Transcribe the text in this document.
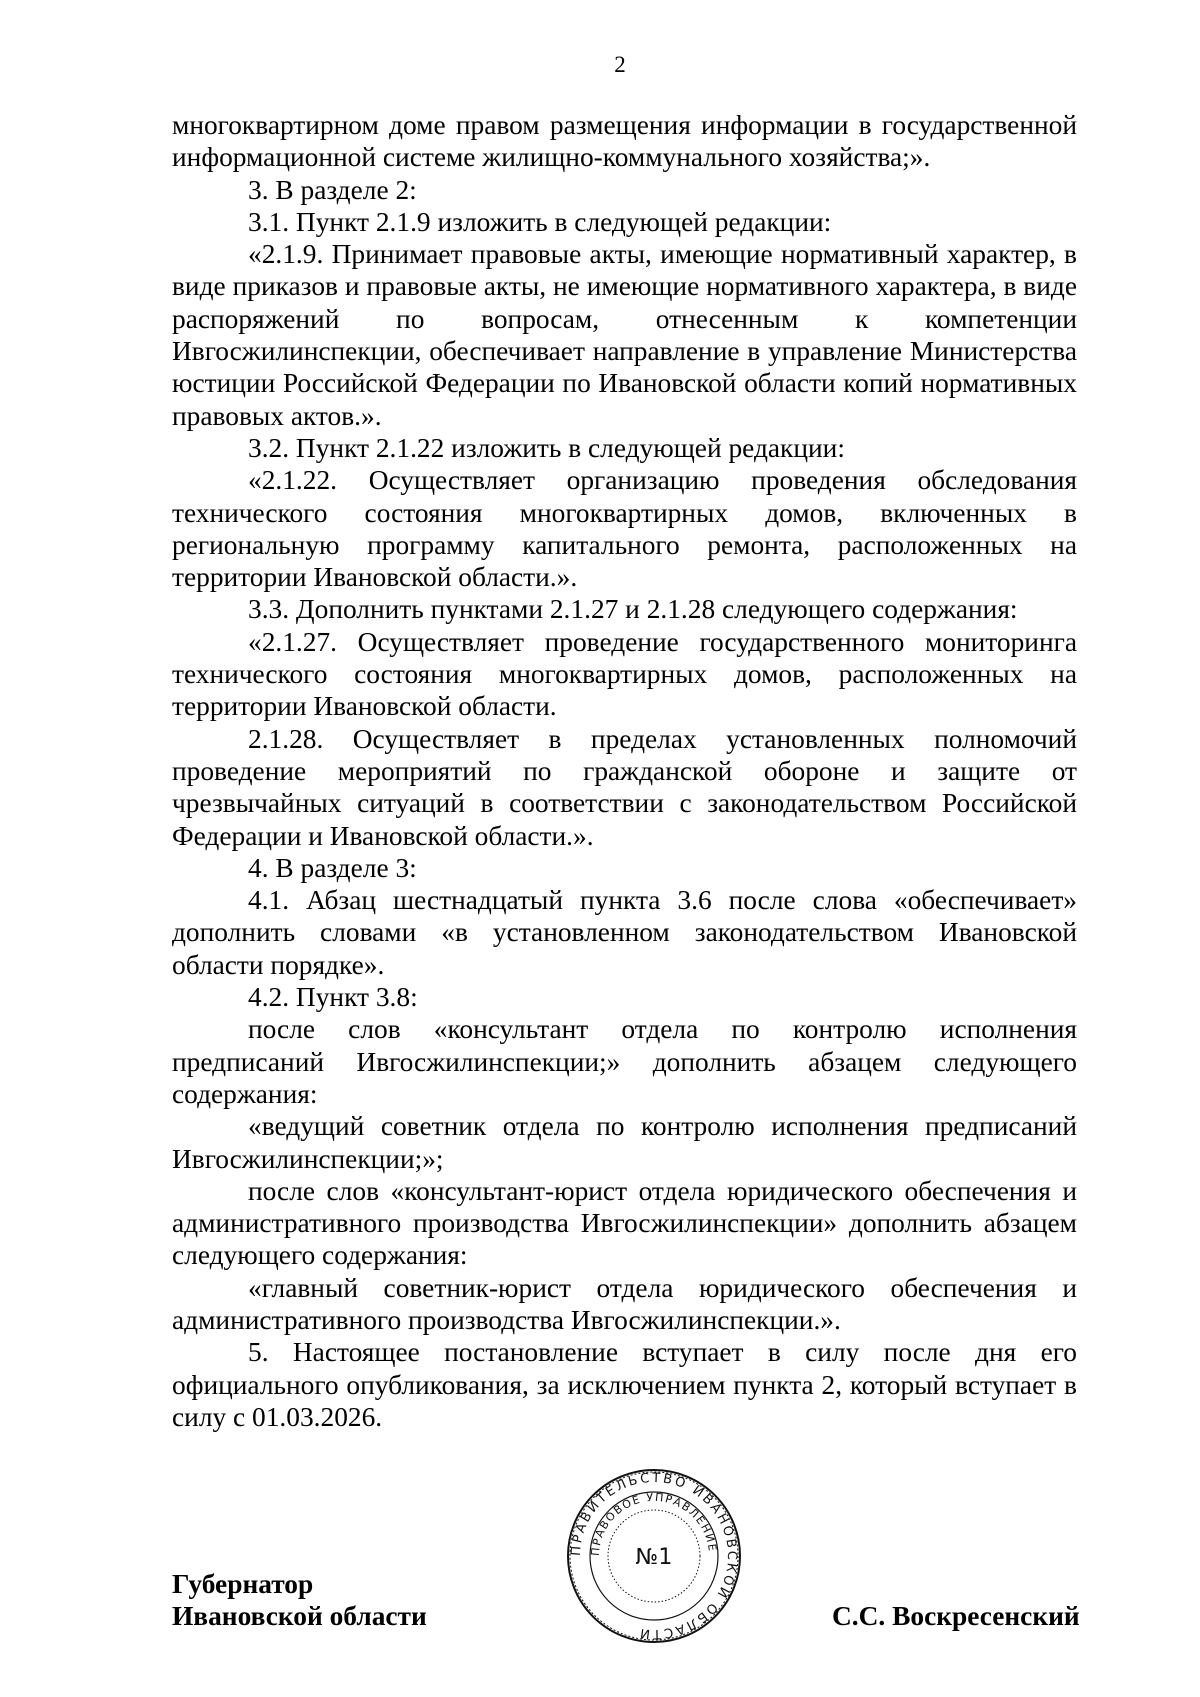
2

многоквартирном доме правом размещения информации в государственной информационной системе жилищно-коммунального хозяйства;».

3. В разделе 2:

3.1. Пункт 2.1.9 изложить в следующей редакции:

«2.1.9. Принимает правовые акты, имеющие нормативный характер, в виде приказов и правовые акты, не имеющие нормативного характера, в виде распоряжений по вопросам, отнесенным к компетенции Ивгосжилинспекции, обеспечивает направление в управление Министерства юстиции Российской Федерации по Ивановской области копий нормативных правовых актов.».

3.2. Пункт 2.1.22 изложить в следующей редакции:

«2.1.22. Осуществляет организацию проведения обследования технического состояния многоквартирных домов, включенных в региональную программу капитального ремонта, расположенных на территории Ивановской области.».

3.3. Дополнить пунктами 2.1.27 и 2.1.28 следующего содержания:

«2.1.27. Осуществляет проведение государственного мониторинга технического состояния многоквартирных домов, расположенных на территории Ивановской области.

2.1.28. Осуществляет в пределах установленных полномочий проведение мероприятий по гражданской обороне и защите от чрезвычайных ситуаций в соответствии с законодательством Российской Федерации и Ивановской области.».

4. В разделе 3:

4.1. Абзац шестнадцатый пункта 3.6 после слова «обеспечивает» дополнить словами «в установленном законодательством Ивановской области порядке».

4.2. Пункт 3.8:

после слов «консультант отдела по контролю исполнения предписаний Ивгосжилинспекции;» дополнить абзацем следующего содержания:

«ведущий советник отдела по контролю исполнения предписаний Ивгосжилинспекции;»;

после слов «консультант-юрист отдела юридического обеспечения и административного производства Ивгосжилинспекции» дополнить абзацем следующего содержания:

«главный советник-юрист отдела юридического обеспечения и административного производства Ивгосжилинспекции.».

5. Настоящее постановление вступает в силу после дня его официального опубликования, за исключением пункта 2, который вступает в силу с 01.03.2026.

ПРАВИТЕЛЬСТВО ИВАНОВСКОЙ ОБЛАСТИ
ПРАВОВОЕ УПРАВЛЕНИЕ
№1
Губернатор
Ивановской области	С.С. Воскресенский
